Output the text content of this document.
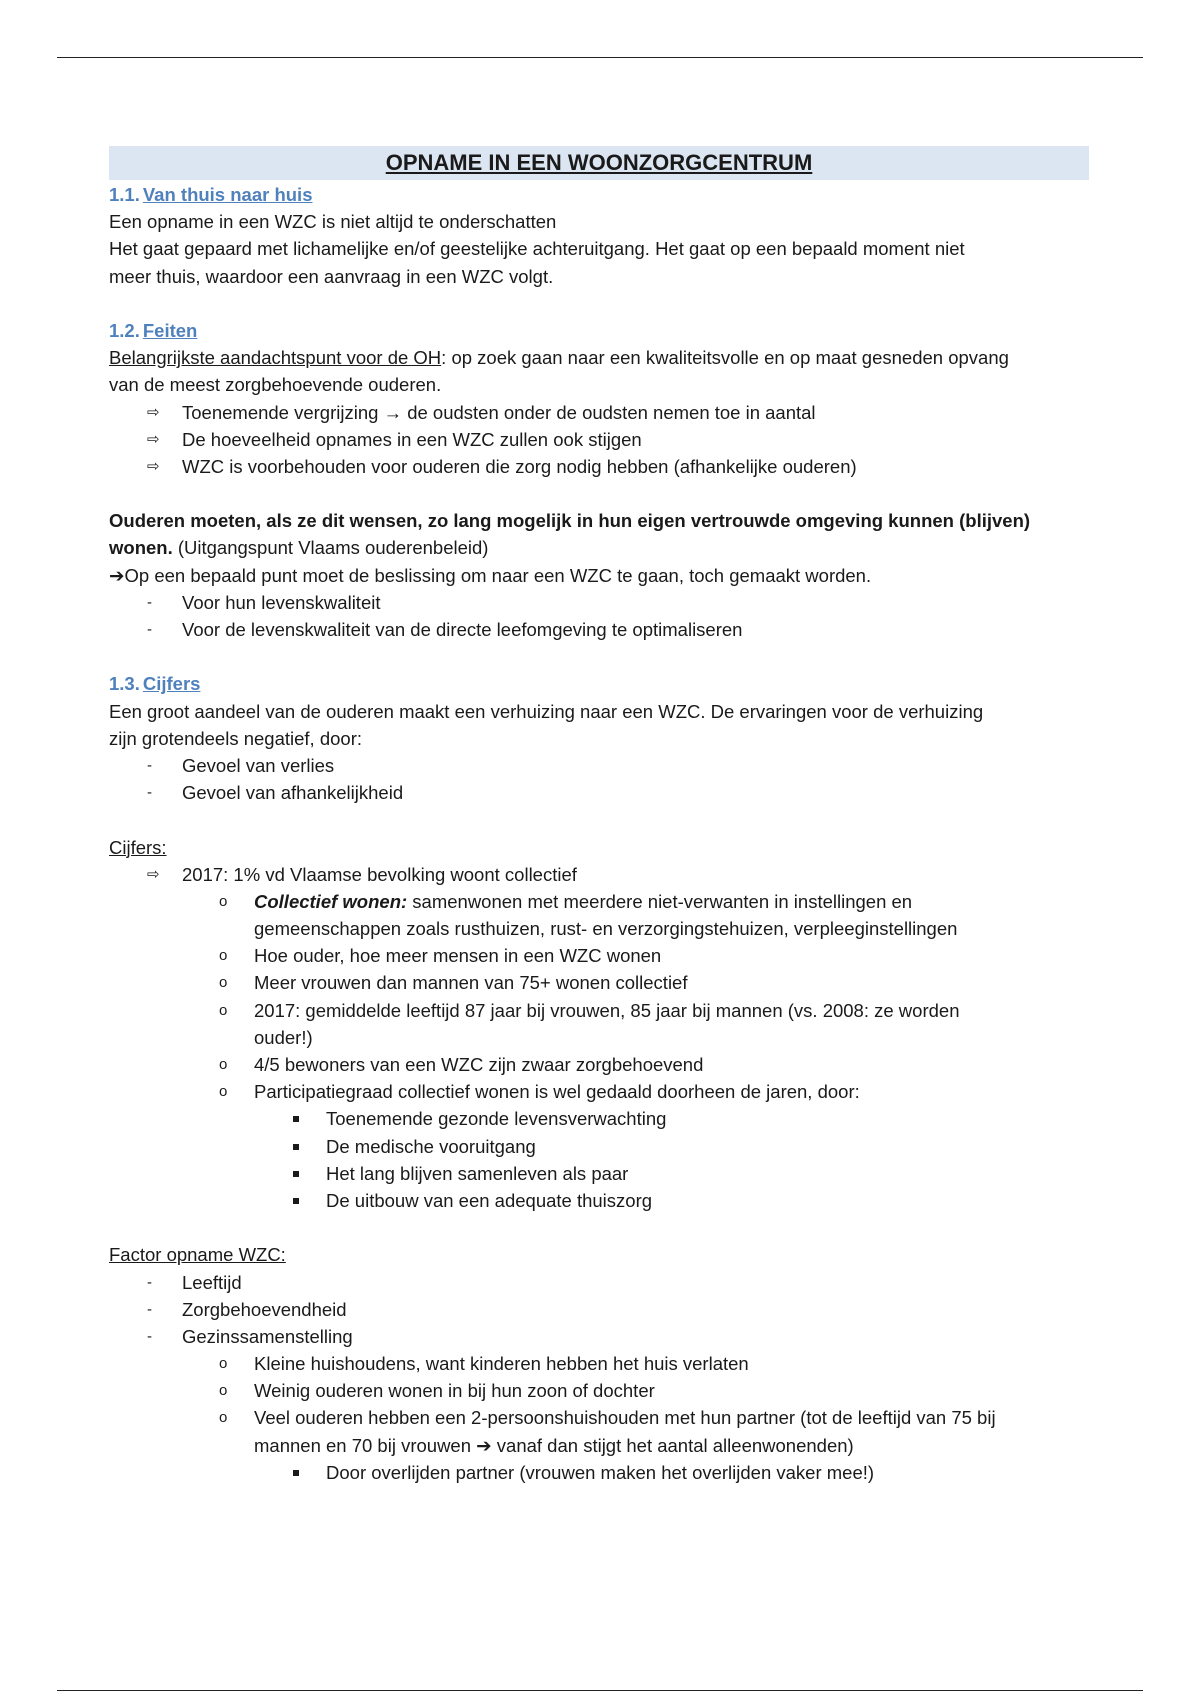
OPNAME IN EEN WOONZORGCENTRUM
1.1. Van thuis naar huis
Een opname in een WZC is niet altijd te onderschatten
Het gaat gepaard met lichamelijke en/of geestelijke achteruitgang. Het gaat op een bepaald moment niet
meer thuis, waardoor een aanvraag in een WZC volgt.
1.2. Feiten
Belangrijkste aandachtspunt voor de OH: op zoek gaan naar een kwaliteitsvolle en op maat gesneden opvang
van de meest zorgbehoevende ouderen.
⇨ Toenemende vergrijzing → de oudsten onder de oudsten nemen toe in aantal
⇨ De hoeveelheid opnames in een WZC zullen ook stijgen
⇨ WZC is voorbehouden voor ouderen die zorg nodig hebben (afhankelijke ouderen)
Ouderen moeten, als ze dit wensen, zo lang mogelijk in hun eigen vertrouwde omgeving kunnen (blijven)
wonen. (Uitgangspunt Vlaams ouderenbeleid)
➔Op een bepaald punt moet de beslissing om naar een WZC te gaan, toch gemaakt worden.
- Voor hun levenskwaliteit
- Voor de levenskwaliteit van de directe leefomgeving te optimaliseren
1.3. Cijfers
Een groot aandeel van de ouderen maakt een verhuizing naar een WZC. De ervaringen voor de verhuizing
zijn grotendeels negatief, door:
- Gevoel van verlies
- Gevoel van afhankelijkheid
Cijfers:
⇨ 2017: 1% vd Vlaamse bevolking woont collectief
o Collectief wonen: samenwonen met meerdere niet-verwanten in instellingen en
gemeenschappen zoals rusthuizen, rust- en verzorgingstehuizen, verpleeginstellingen
o Hoe ouder, hoe meer mensen in een WZC wonen
o Meer vrouwen dan mannen van 75+ wonen collectief
o 2017: gemiddelde leeftijd 87 jaar bij vrouwen, 85 jaar bij mannen (vs. 2008: ze worden
ouder!)
o 4/5 bewoners van een WZC zijn zwaar zorgbehoevend
o Participatiegraad collectief wonen is wel gedaald doorheen de jaren, door:
Toenemende gezonde levensverwachting
De medische vooruitgang
Het lang blijven samenleven als paar
De uitbouw van een adequate thuiszorg
Factor opname WZC:
- Leeftijd
- Zorgbehoevendheid
- Gezinssamenstelling
o Kleine huishoudens, want kinderen hebben het huis verlaten
o Weinig ouderen wonen in bij hun zoon of dochter
o Veel ouderen hebben een 2-persoonshuishouden met hun partner (tot de leeftijd van 75 bij
mannen en 70 bij vrouwen ➔ vanaf dan stijgt het aantal alleenwonenden)
Door overlijden partner (vrouwen maken het overlijden vaker mee!)
